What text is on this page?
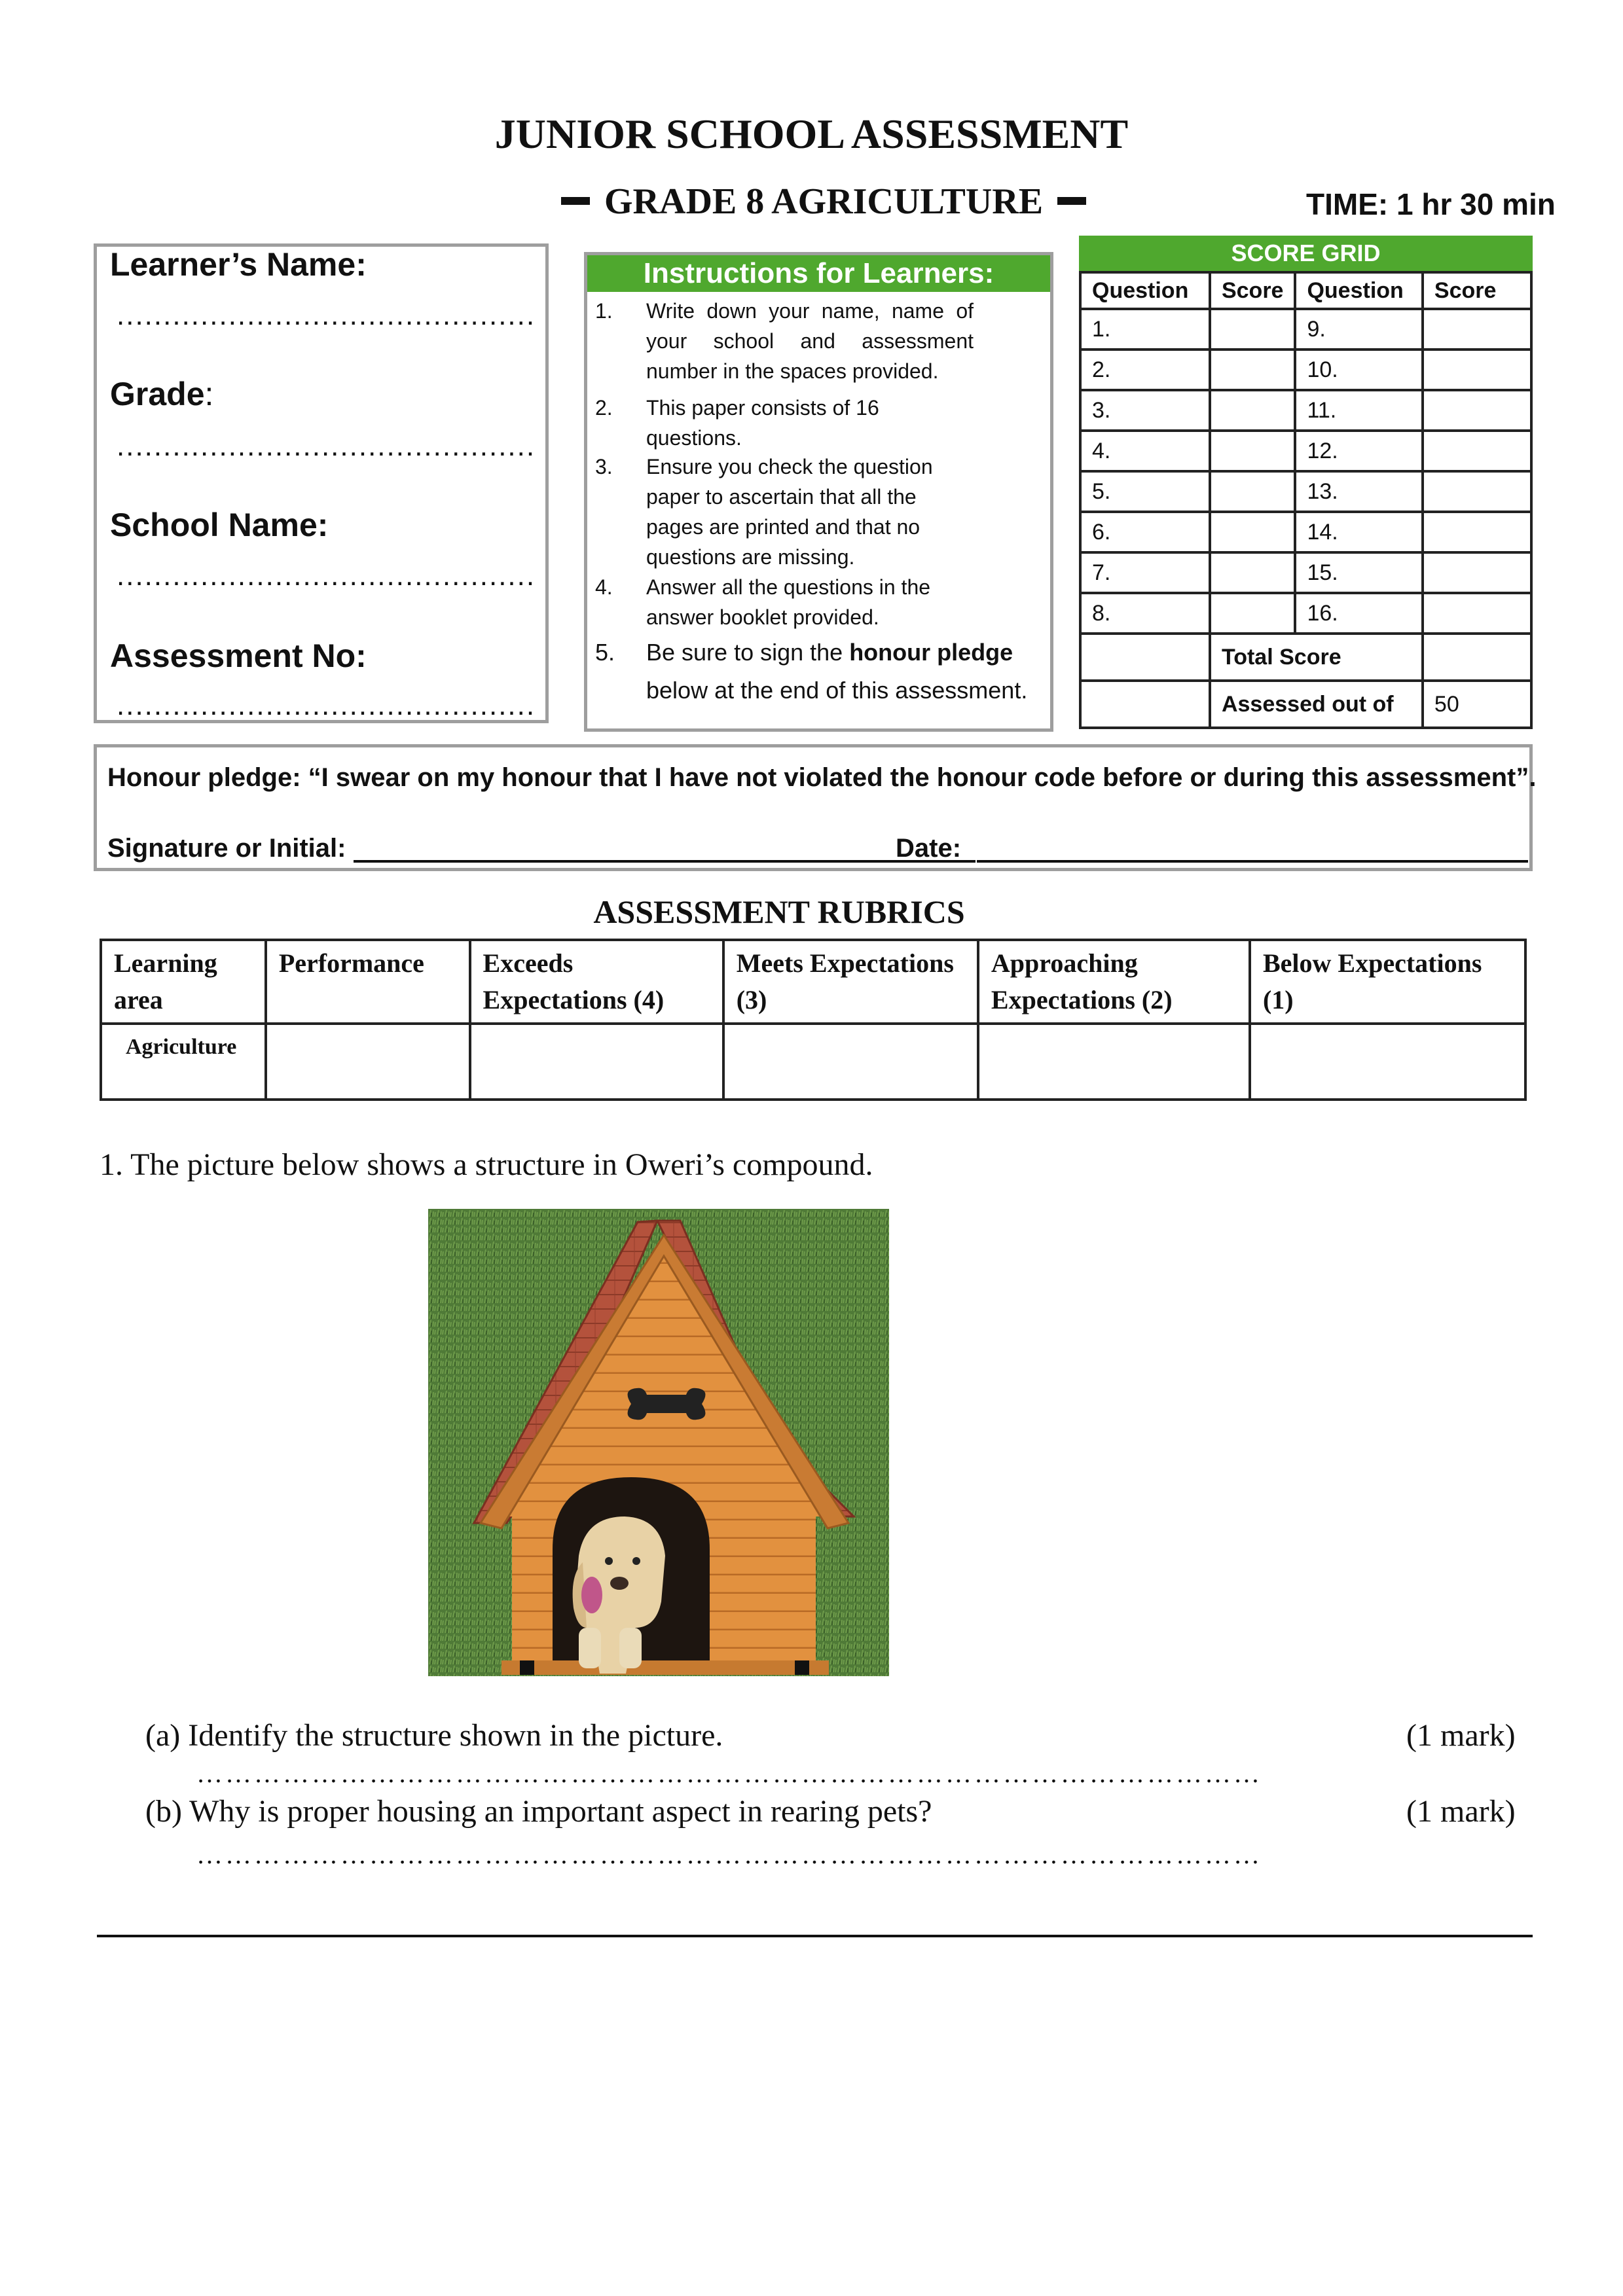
JUNIOR SCHOOL ASSESSMENT
GRADE 8 AGRICULTURE	TIME: 1 hr 30 min
Learner’s Name:
.............................................
Grade:
.............................................
School Name:
.............................................
Assessment No:
.............................................
Instructions for Learners:
1. Write down your name, name of your school and assessment number in the spaces provided.
2. This paper consists of 16 questions.
3. Ensure you check the question paper to ascertain that all the pages are printed and that no questions are missing.
4. Answer all the questions in the answer booklet provided.
5. Be sure to sign the honour pledge below at the end of this assessment.
SCORE GRID
Question	Score	Question	Score
1.		9.	
2.		10.	
3.		11.	
4.		12.	
5.		13.	
6.		14.	
7.		15.	
8.		16.	
	Total Score		
	Assessed out of		50
Honour pledge: “I swear on my honour that I have not violated the honour code before or during this assessment”.
Signature or Initial:	Date:
ASSESSMENT RUBRICS
Learning area	Performance	Exceeds Expectations (4)	Meets Expectations (3)	Approaching Expectations (2)	Below Expectations (1)
Agriculture					
1. The picture below shows a structure in Oweri’s compound.
(a) Identify the structure shown in the picture.	(1 mark)
…………………………………………………………………………………………………
(b) Why is proper housing an important aspect in rearing pets?	(1 mark)
…………………………………………………………………………………………………
